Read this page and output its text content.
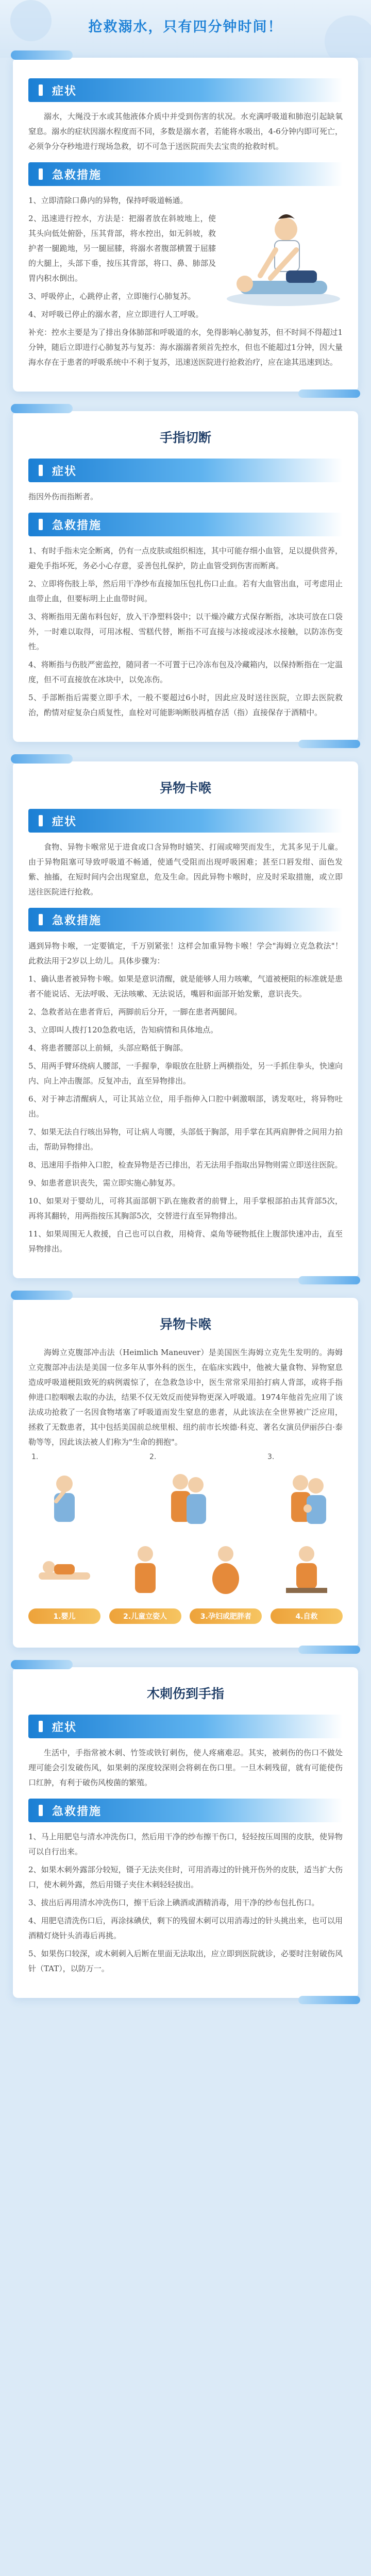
抢救溺水，只有四分钟时间！
症状

溺水，大绳没于水或其他液体介质中并受到伤害的状况。水充满呼吸道和肺泡引起缺氧窒息。溺水的症状因溺水程度而不同，多数是溺水者，若能将水吸出，4-6分钟内即可死亡，必须争分夺秒地进行现场急救，切不可急于送医院而失去宝贵的抢救时机。

急救措施

1、立即清除口鼻内的异物，保持呼吸道畅通。

2、迅速进行控水，方法是：把溺者放在斜坡地上，使其头向低处俯卧，压其背部，将水控出，如无斜坡，救护者一腿跪地，另一腿屈膝，将溺水者腹部横置于屈膝的大腿上，头部下垂，按压其背部，将口、鼻、肺部及胃内积水倒出。

3、呼吸停止，心跳停止者，立即施行心肺复苏。

4、对呼吸已停止的溺水者，应立即进行人工呼吸。

补充：控水主要是为了排出身体肺部和呼吸道的水，免得影响心肺复苏，但不时间不得超过1分钟，随后立即进行心肺复苏与复苏：海水溺溺者须首先控水，但也不能超过1分钟，因大量海水存在于患者的呼吸系统中不利于复苏，迅速送医院进行抢救治疗，应在途其迅速到达。

手指切断
症状

指因外伤而指断者。

急救措施

1、有时手指未完全断离，仍有一点皮肤或组织相连，其中可能存细小血管，足以提供营养，避免手指坏死，务必小心存意，妥善包扎保护，防止血管受到伤害而断离。

2、立即将伤肢上举，然后用干净纱布直接加压包扎伤口止血。若有大血管出血，可考虑用止血带止血，但要标明上止血带时间。

3、将断指用无菌布料包好，放入干净塑料袋中；以干燥冷藏方式保存断指，冰块可放在口袋外，一时难以取得，可用冰棍、雪糕代替，断指不可直接与冰接或浸冰水接触，以防冻伤变性。

4、将断指与伤肢严密监控，随同者一不可置于已冷冻布包及冷藏箱内，以保持断指在一定温度，但不可直接放在冰块中，以免冻伤。

5、手部断指后需要立即手术，一般不要超过6小时，因此应及时送往医院，立即去医院救治，酌情对症复杂白质复性，血栓对可能影响断肢再植存活（指）直接保存于酒精中。

异物卡喉
症状

食物、异物卡喉常见于进食或口含异物时嬉笑、打闹或啼哭而发生，尤其多见于儿童。由于异物阻塞可导致呼吸道不畅通，使通气受阻而出现呼吸困难；甚至口唇发绀、面色发紫、抽搐，在短时间内会出现窒息，危及生命。因此异物卡喉时，应及时采取措施，或立即送往医院进行抢救。

急救措施

遇到异物卡喉，一定要镇定，千万别紧张！这样会加重异物卡喉！学会"海姆立克急救法"！此救法用于2岁以上幼儿。具体步骤为：

1、确认患者被异物卡喉。如果是意识清醒，就是能够人用力咳嗽，气道被梗阻的标准就是患者不能说话、无法呼吸、无法咳嗽、无法说话，嘴唇和面部开始发紫，意识丧失。

2、急救者站在患者背后，两脚前后分开，一脚在患者两腿间。

3、立即叫人拨打120急救电话，告知病情和具体地点。

4、将患者腰部以上前倾，头部应略低于胸部。

5、用两手臂环绕病人腰部，一手握拳，拳眼放在肚脐上两横指处，另一手抓住拳头，快速向内、向上冲击腹部。反复冲击，直至异物排出。

6、对于神志清醒病人，可让其站立位，用手指伸入口腔中刺激咽部，诱发呕吐，将异物吐出。

7、如果无法自行咳出异物，可让病人弯腰，头部低于胸部，用手掌在其两肩胛骨之间用力拍击，帮助异物排出。

8、迅速用手指伸入口腔，检查异物是否已排出，若无法用手指取出异物则需立即送往医院。

9、如患者意识丧失，需立即实施心肺复苏。

10、如果对于婴幼儿，可将其面部朝下趴在施救者的前臂上，用手掌根部拍击其背部5次，再将其翻转，用两指按压其胸部5次，交替进行直至异物排出。

11、如果周围无人救援，自己也可以自救，用椅背、桌角等硬物抵住上腹部快速冲击，直至异物排出。

异物卡喉

海姆立克腹部冲击法（Heimlich Maneuver）是美国医生海姆立克先生发明的。海姆立克腹部冲击法是美国一位多年从事外科的医生，在临床实践中，他被大量食物、异物窒息造成呼吸道梗阻致死的病例震惊了，在急救急诊中，医生常常采用拍打病人背部，或将手指伸进口腔咽喉去取的办法，结果不仅无效反而使异物更深入呼吸道。1974年他首先应用了该法成功抢救了一名因食物堵塞了呼吸道而发生窒息的患者，从此该法在全世界被广泛应用，拯救了无数患者，其中包括美国前总统里根、纽约前市长埃德·科克、著名女演员伊丽莎白·泰勒等等，因此该法被人们称为"生命的拥抱"。

1.	2.	3.
1.婴儿	2.儿童立姿人	3.孕妇或肥胖者	4.自救
木刺伤到手指
症状

生活中，手指常被木刺、竹签或铁钉刺伤，使人疼痛难忍。其实，被刺伤的伤口不做处理可能会引发破伤风，如果刺的深度较深则会将刺在伤口里。一旦木刺残留，就有可能使伤口红肿，有利于破伤风梭菌的繁殖。

急救措施

1、马上用肥皂与清水冲洗伤口，然后用干净的纱布擦干伤口，轻轻按压周围的皮肤，使异物可以自行出来。

2、如果木刺外露部分较短，镊子无法夹住时，可用消毒过的针挑开伤外的皮肤，适当扩大伤口，使木刺外露，然后用镊子夹住木刺轻轻拔出。

3、拔出后再用清水冲洗伤口，擦干后涂上碘酒或酒精消毒，用干净的纱布包扎伤口。

4、用肥皂清洗伤口后，再涂抹碘伏，剩下的残留木刺可以用消毒过的针头挑出来，也可以用酒精灯烧针头消毒后再挑。

5、如果伤口较深，或木刺刺入后断在里面无法取出，应立即到医院就诊，必要时注射破伤风针（TAT），以防万一。
